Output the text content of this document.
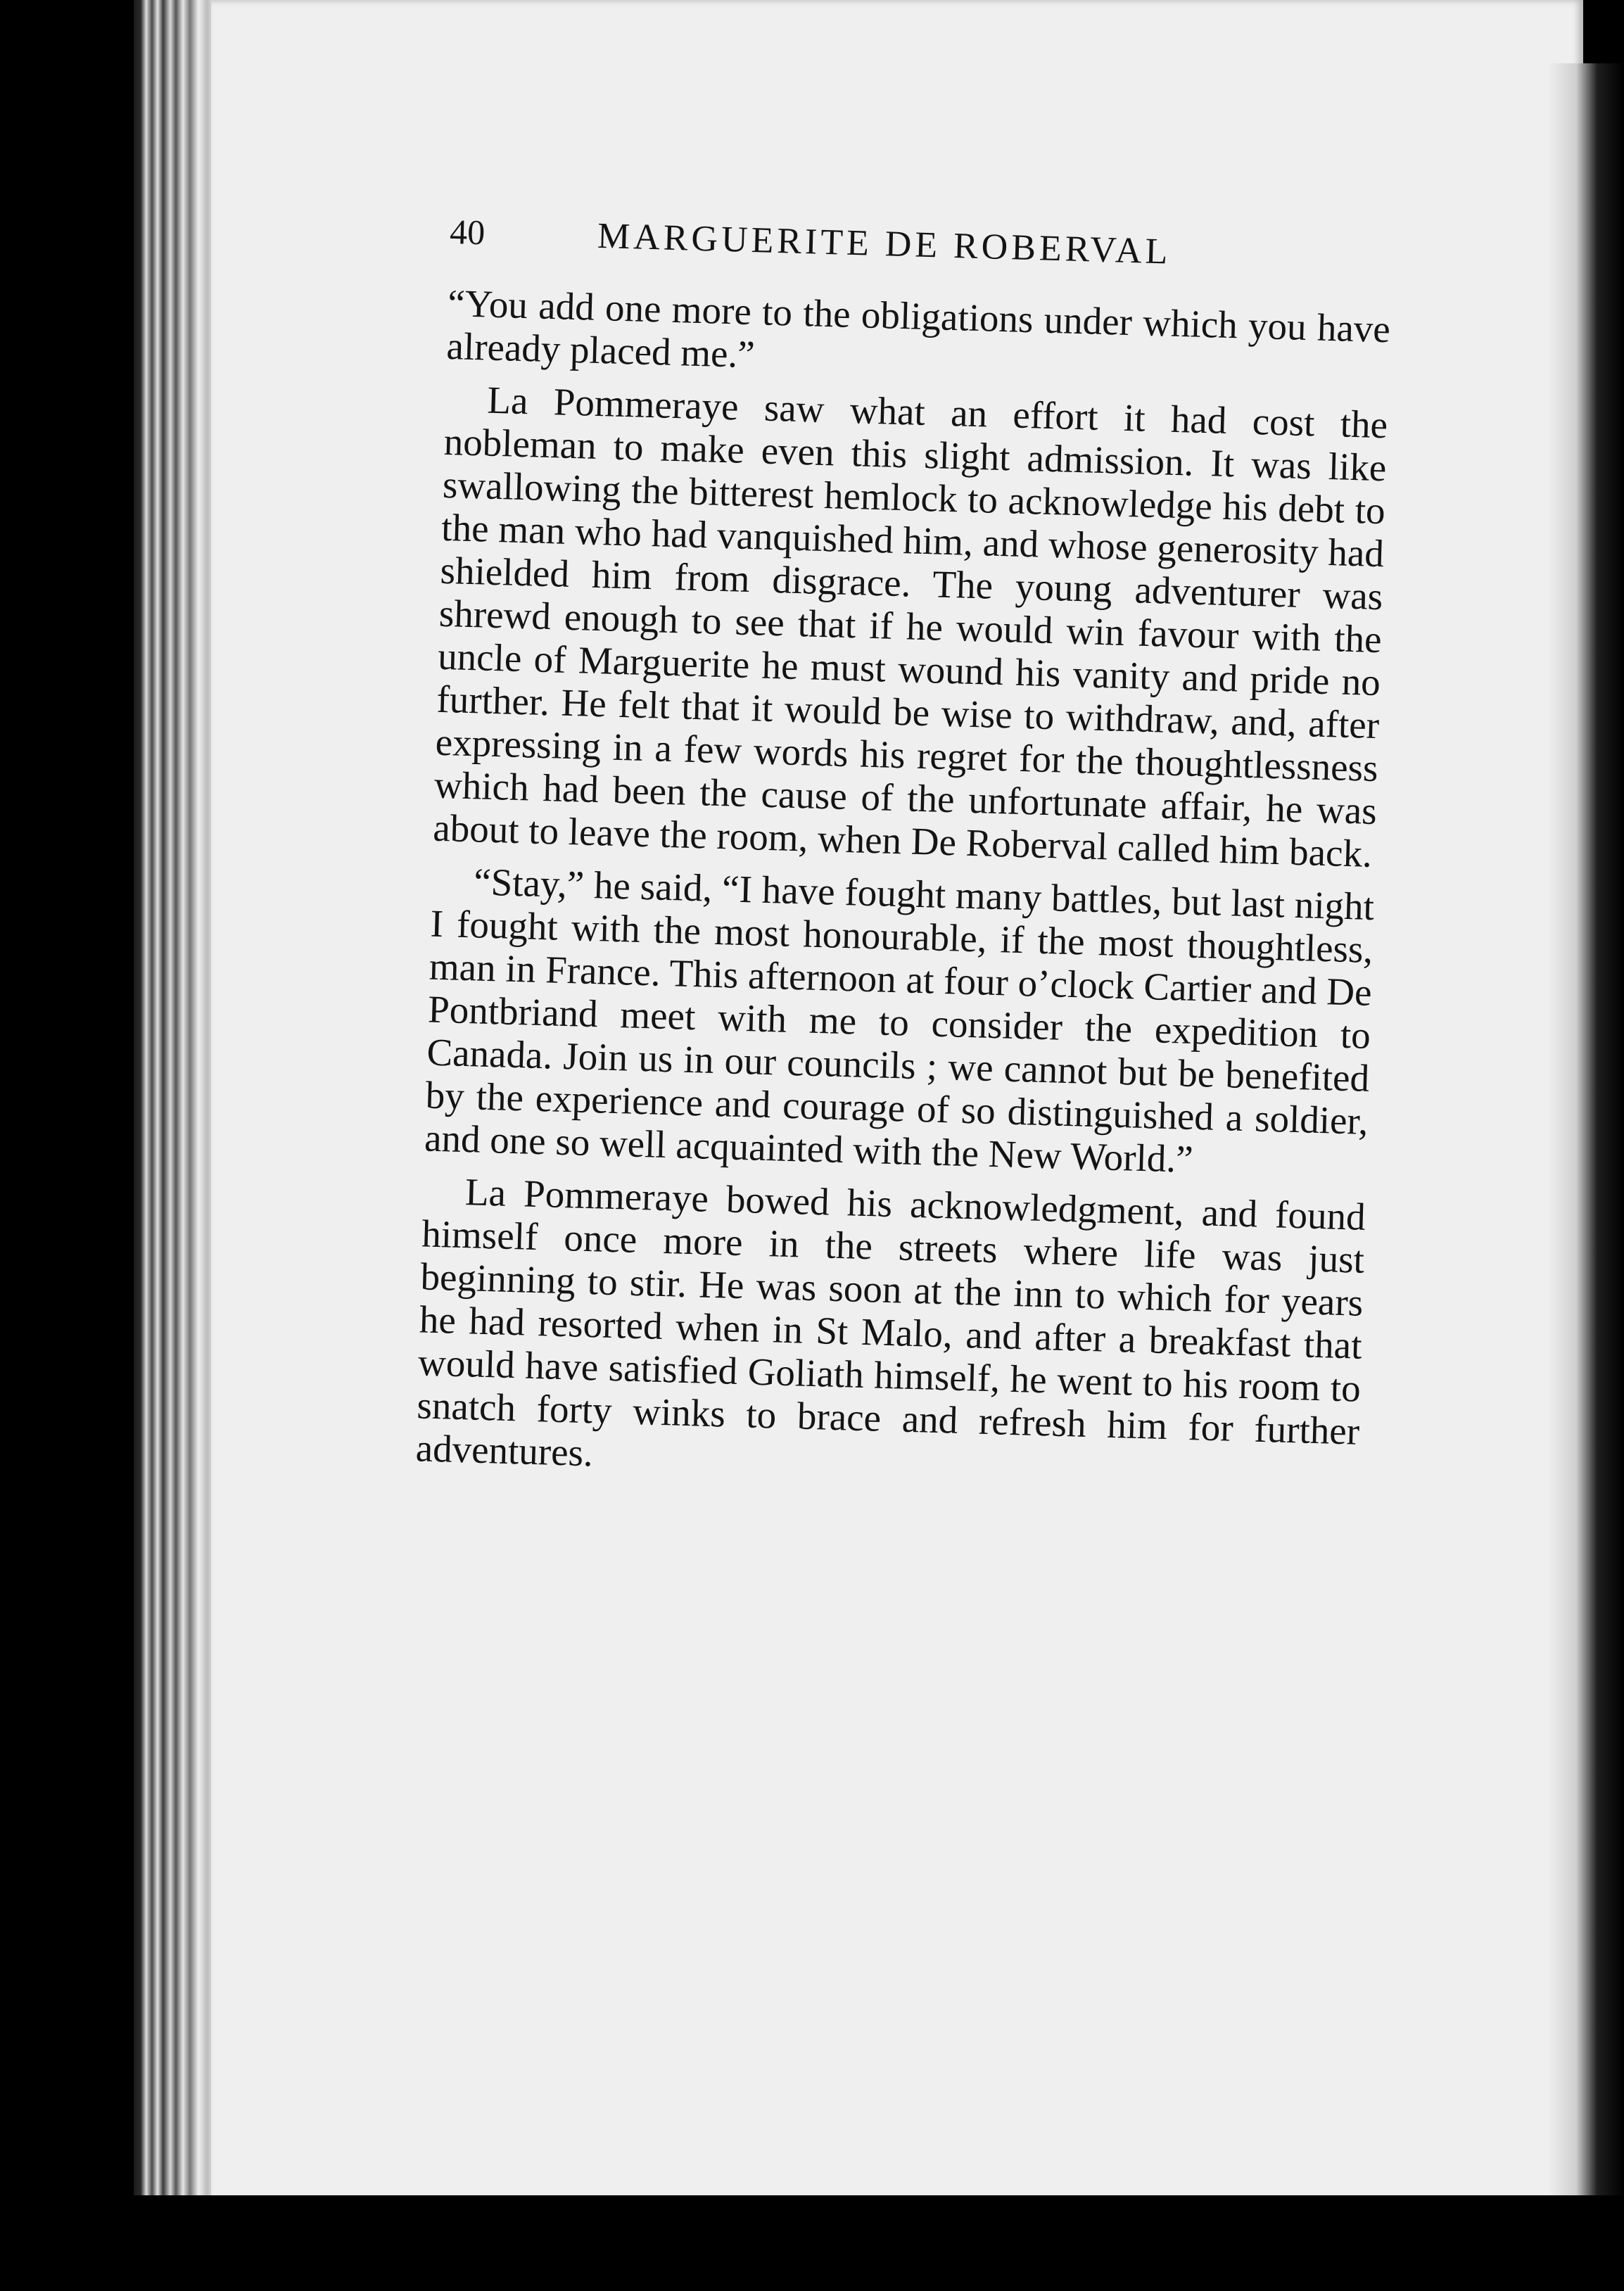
40	MARGUERITE DE ROBERVAL

“You add one more to the obligations under which you have already placed me.”

La Pommeraye saw what an effort it had cost the nobleman to make even this slight admission. It was like swallowing the bitterest hemlock to acknowledge his debt to the man who had vanquished him, and whose generosity had shielded him from disgrace. The young adventurer was shrewd enough to see that if he would win favour with the uncle of Marguerite he must wound his vanity and pride no further. He felt that it would be wise to withdraw, and, after expressing in a few words his regret for the thoughtlessness which had been the cause of the unfortunate affair, he was about to leave the room, when De Roberval called him back.

“Stay,” he said, “I have fought many battles, but last night I fought with the most honourable, if the most thoughtless, man in France. This afternoon at four o’clock Cartier and De Pontbriand meet with me to consider the expedition to Canada. Join us in our councils ; we cannot but be benefited by the experience and courage of so distinguished a soldier, and one so well acquainted with the New World.”

La Pommeraye bowed his acknowledgment, and found himself once more in the streets where life was just beginning to stir. He was soon at the inn to which for years he had resorted when in St Malo, and after a breakfast that would have satisfied Goliath himself, he went to his room to snatch forty winks to brace and refresh him for further adventures.
